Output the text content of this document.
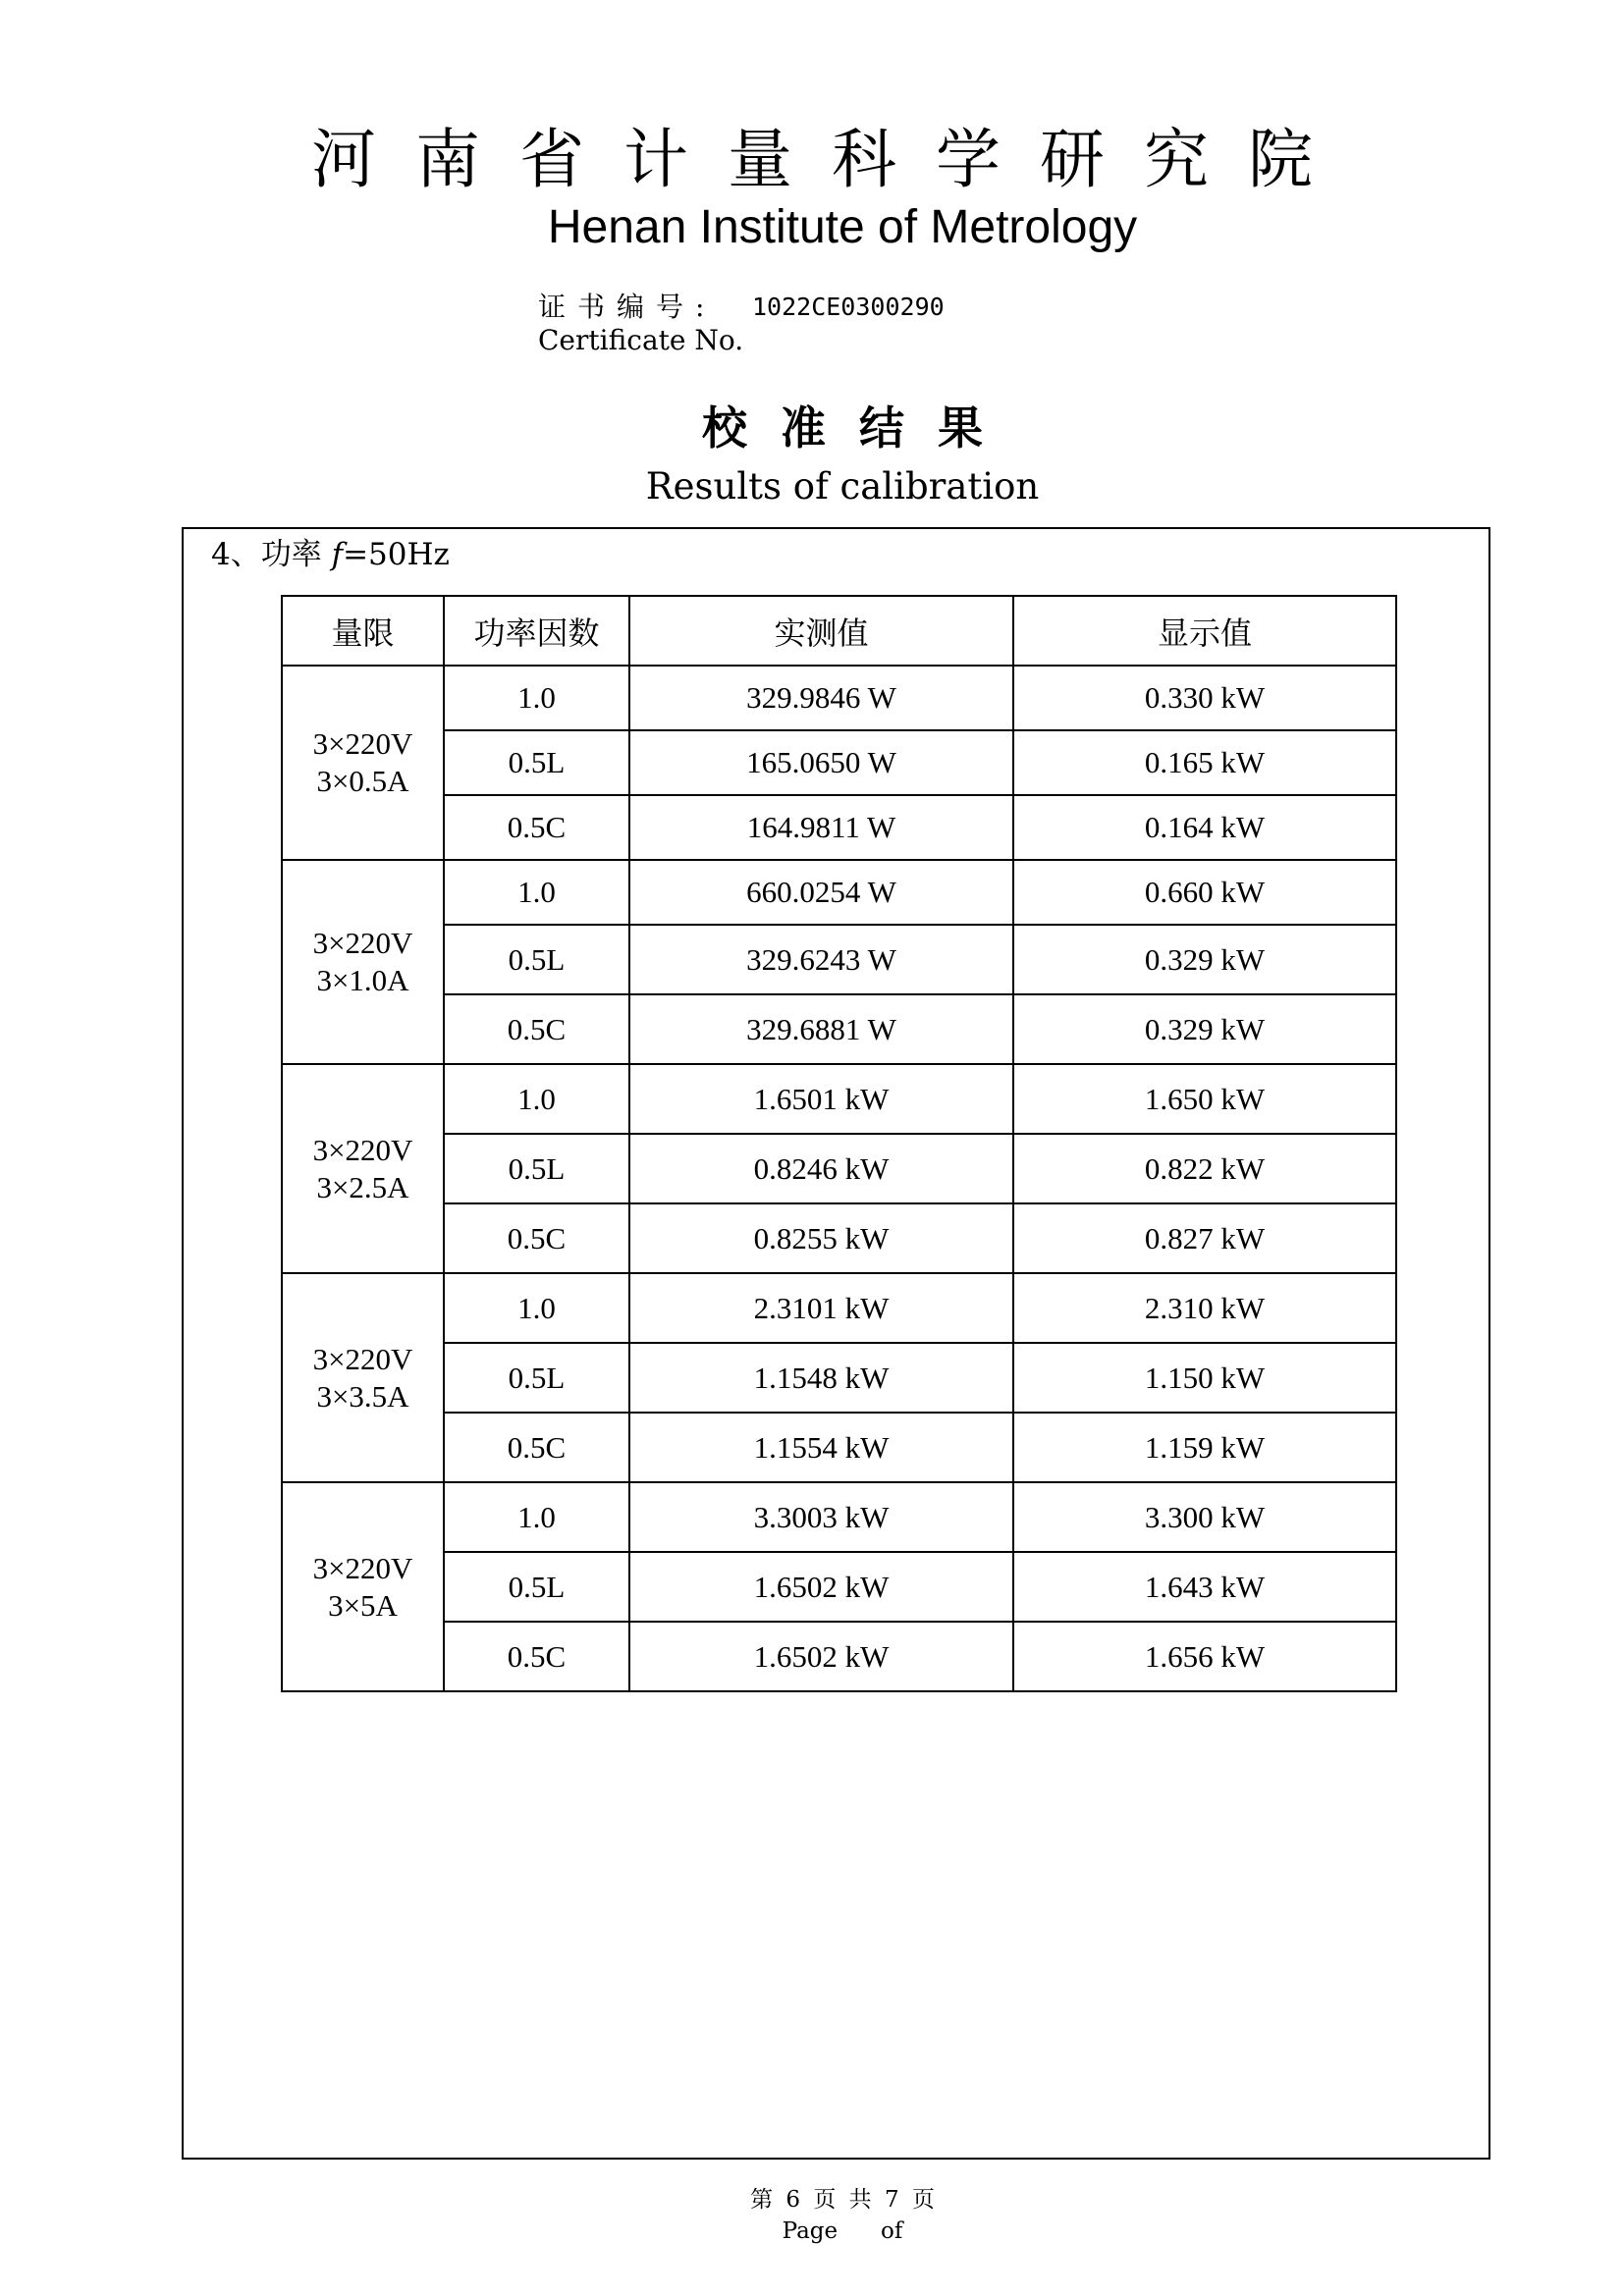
河南省计量科学研究院
Henan Institute of Metrology
证书编号: 1022CE0300290
Certificate No.
校准结果
Results of calibration
4、功率 f=50Hz
量限	功率因数	实测值	显示值
3×220V
3×0.5A	1.0	329.9846 W	0.330 kW
	0.5L	165.0650 W	0.165 kW
	0.5C	164.9811 W	0.164 kW
3×220V
3×1.0A	1.0	660.0254 W	0.660 kW
	0.5L	329.6243 W	0.329 kW
	0.5C	329.6881 W	0.329 kW
3×220V
3×2.5A	1.0	1.6501 kW	1.650 kW
	0.5L	0.8246 kW	0.822 kW
	0.5C	0.8255 kW	0.827 kW
3×220V
3×3.5A	1.0	2.3101 kW	2.310 kW
	0.5L	1.1548 kW	1.150 kW
	0.5C	1.1554 kW	1.159 kW
3×220V
3×5A	1.0	3.3003 kW	3.300 kW
	0.5L	1.6502 kW	1.643 kW
	0.5C	1.6502 kW	1.656 kW
第 6 页 共 7 页
Page      of
